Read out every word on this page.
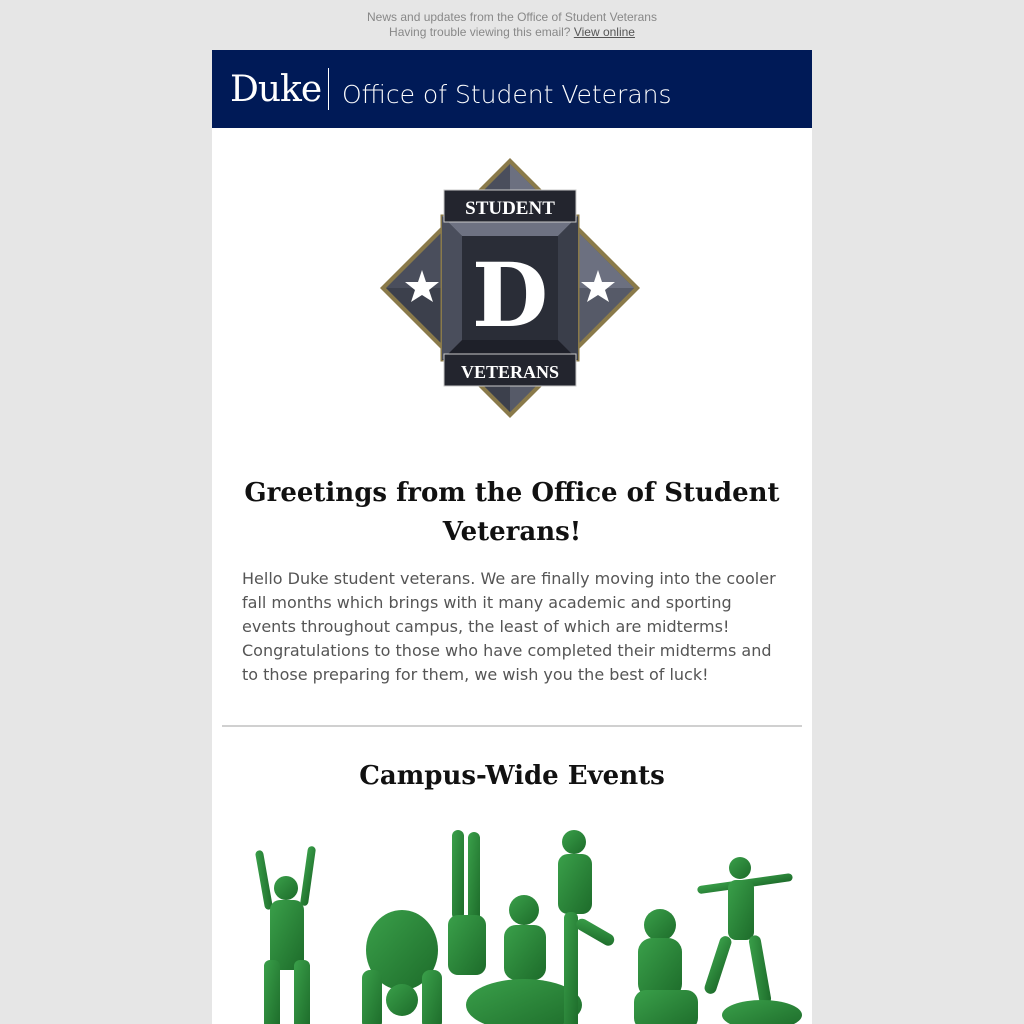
News and updates from the Office of Student Veterans
Having trouble viewing this email? View online
Duke Office of Student Veterans
STUDENT
VETERANS
D
Greetings from the Office of Student
Veterans!
Hello Duke student veterans. We are finally moving into the cooler fall months which brings with it many academic and sporting events throughout campus, the least of which are midterms! Congratulations to those who have completed their midterms and to those preparing for them, we wish you the best of luck!
Campus-Wide Events
